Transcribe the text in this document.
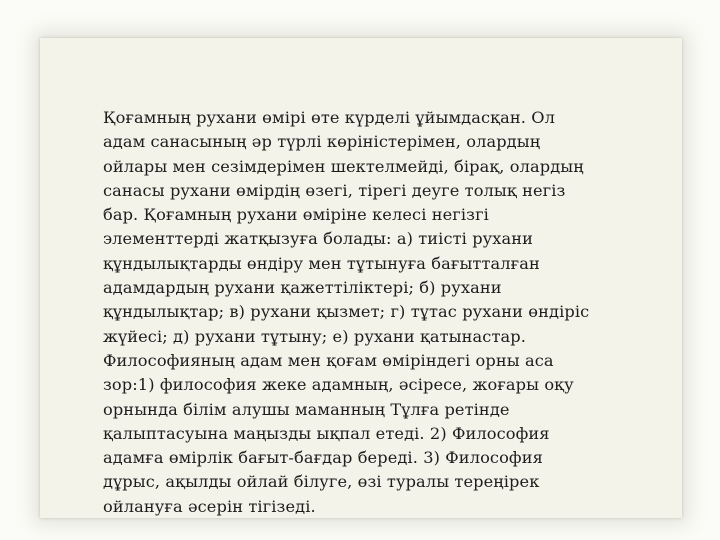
Қоғамның рухани өмірі өте күрделі ұйымдасқан. Ол
адам санасының әр түрлі көріністерімен, олардың
ойлары мен сезімдерімен шектелмейді, бірақ, олардың
санасы рухани өмірдің өзегі, тірегі деуге толық негіз
бар. Қоғамның рухани өміріне келесі негізгі
элементтерді жатқызуға болады: а) тиісті рухани
құндылықтарды өндіру мен тұтынуға бағытталған
адамдардың рухани қажеттіліктері; б) рухани
құндылықтар; в) рухани қызмет; г) тұтас рухани өндіріс
жүйесі; д) рухани тұтыну; е) рухани қатынастар.
Философияның адам мен қоғам өміріндегі орны аса
зор:1) философия жеке адамның, әсіресе, жоғары оқу
орнында білім алушы маманның Тұлға ретінде
қалыптасуына маңызды ықпал етеді. 2) Философия
адамға өмірлік бағыт-бағдар береді. 3) Философия
дұрыс, ақылды ойлай білуге, өзі туралы тереңірек
ойлануға әсерін тігізеді.
